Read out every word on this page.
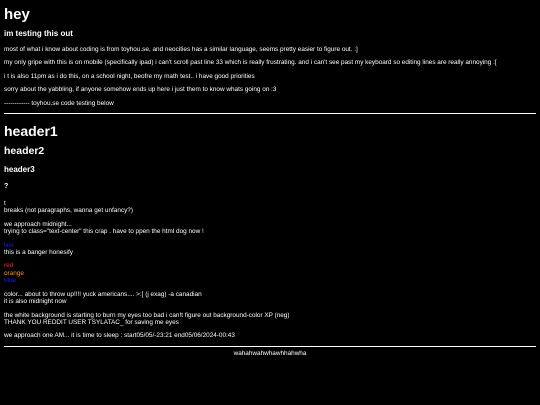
hey
im testing this out

most of what i know about coding is from toyhou.se, and neocities has a similar language, seems pretty easier to figure out. :]

my only gripe with this is on mobile (specifically ipad) i can't scroll past line 33 which is really frustrating. and i can't see past my keyboard so editing lines are really annoying :[

i t is also 11pm as i do this, on a school night, beofre my math test.. i have good priorities

sorry about the yabbling, if anyone somehow ends up here i just them to know whats going on :3

------------ toyhou.se code testing below

header1
header2
header3
?
t
breaks (not paragraphs, wanna get unfancy?)
we approach midnight...
trying to class="text-center" this crap . have to ppen the html dog now !
link
this is a banger honesify
red
orange
blue
color... about to throw up!!!! yuck americans.... >:[ (j exag) -a canadian
it is also midnight now
the white background is starting to burn my eyes too bad i can!t figure out background-color XP (neg)
THANK YOU REDDIT USER TSYLATAC_ for saving me eyes
we approach one AM... it is time to sleep : start05/05/-23:21 end05/06/2024-00:43
wahahwahwhawhhahwha
